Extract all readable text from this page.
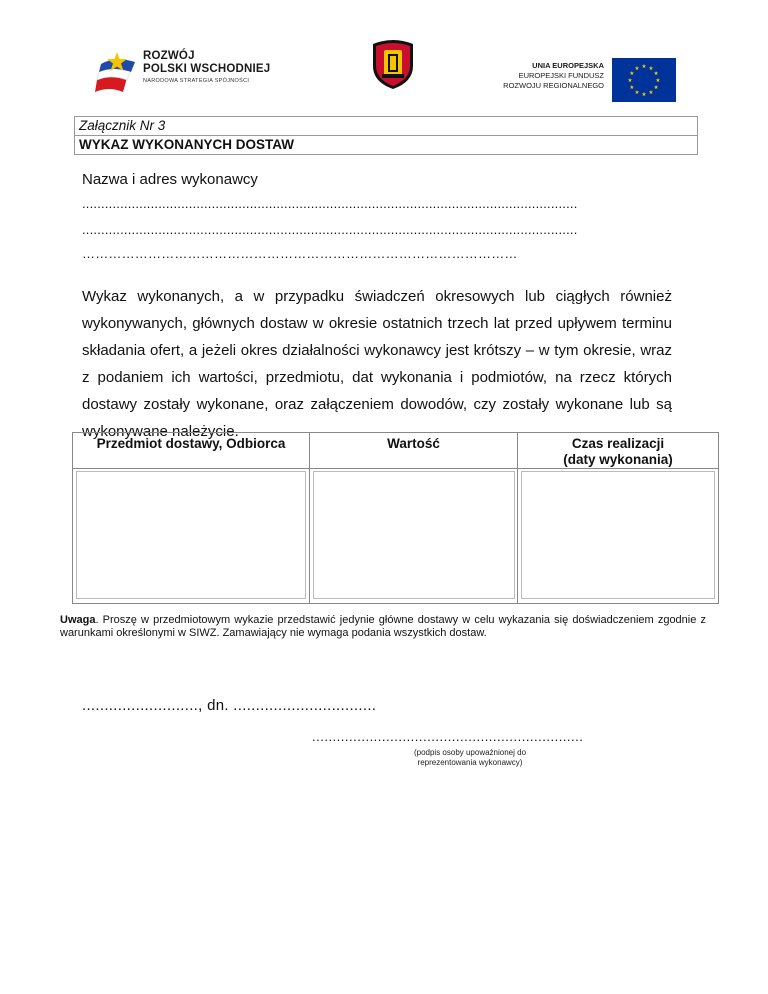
ROZWÓJ
POLSKI WSCHODNIEJ
NARODOWA STRATEGIA SPÓJNOŚCI
UNIA EUROPEJSKA
EUROPEJSKI FUNDUSZ
ROZWOJU REGIONALNEGO	★
★
★
★
★
★
★
★
★ ★ ★
★
Załącznik Nr 3
WYKAZ WYKONANYCH DOSTAW
Nazwa i adres wykonawcy
..................................................................................................................................
..................................................................................................................................
………………………………………………………………………………………
Wykaz wykonanych, a w przypadku świadczeń okresowych lub ciągłych również wykonywanych, głównych dostaw w okresie ostatnich trzech lat przed upływem terminu składania ofert, a jeżeli okres działalności wykonawcy jest krótszy – w tym okresie, wraz z podaniem ich wartości, przedmiotu, dat wykonania i podmiotów, na rzecz których dostawy zostały wykonane, oraz załączeniem dowodów, czy zostały wykonane lub są wykonywane należycie.
Przedmiot dostawy, Odbiorca	Wartość	Czas realizacji
(daty wykonania)
Uwaga. Proszę w przedmiotowym wykazie przedstawić jedynie główne dostawy w celu wykazania się doświadczeniem zgodnie z warunkami określonymi w SIWZ. Zamawiający nie wymaga podania wszystkich dostaw.
.........................., dn. ................................
..................................................................
(podpis osoby upoważnionej do
reprezentowania wykonawcy)
